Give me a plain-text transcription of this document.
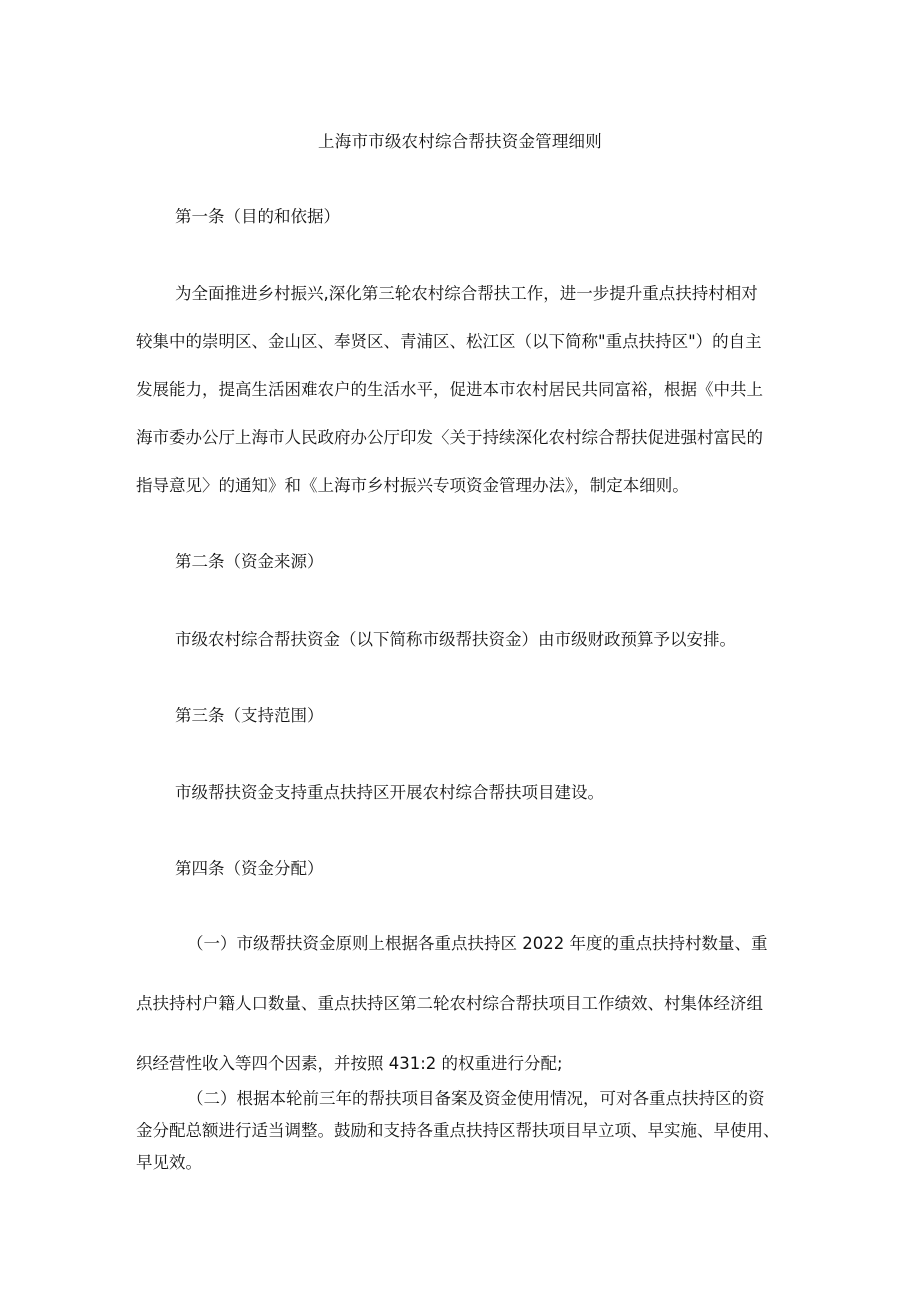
上海市市级农村综合帮扶资金管理细则
第一条（目的和依据）
为全面推进乡村振兴,深化第三轮农村综合帮扶工作，进一步提升重点扶持村相对
较集中的崇明区、金山区、奉贤区、青浦区、松江区（以下简称"重点扶持区"）的自主
发展能力，提高生活困难农户的生活水平，促进本市农村居民共同富裕，根据《中共上
海市委办公厅上海市人民政府办公厅印发〈关于持续深化农村综合帮扶促进强村富民的
指导意见〉的通知》和《上海市乡村振兴专项资金管理办法》，制定本细则。
第二条（资金来源）
市级农村综合帮扶资金（以下简称市级帮扶资金）由市级财政预算予以安排。
第三条（支持范围）
市级帮扶资金支持重点扶持区开展农村综合帮扶项目建设。
第四条（资金分配）
（一）市级帮扶资金原则上根据各重点扶持区 2022 年度的重点扶持村数量、重
点扶持村户籍人口数量、重点扶持区第二轮农村综合帮扶项目工作绩效、村集体经济组
织经营性收入等四个因素，并按照 431:2 的权重进行分配;
（二）根据本轮前三年的帮扶项目备案及资金使用情况，可对各重点扶持区的资
金分配总额进行适当调整。鼓励和支持各重点扶持区帮扶项目早立项、早实施、早使用、
早见效。
